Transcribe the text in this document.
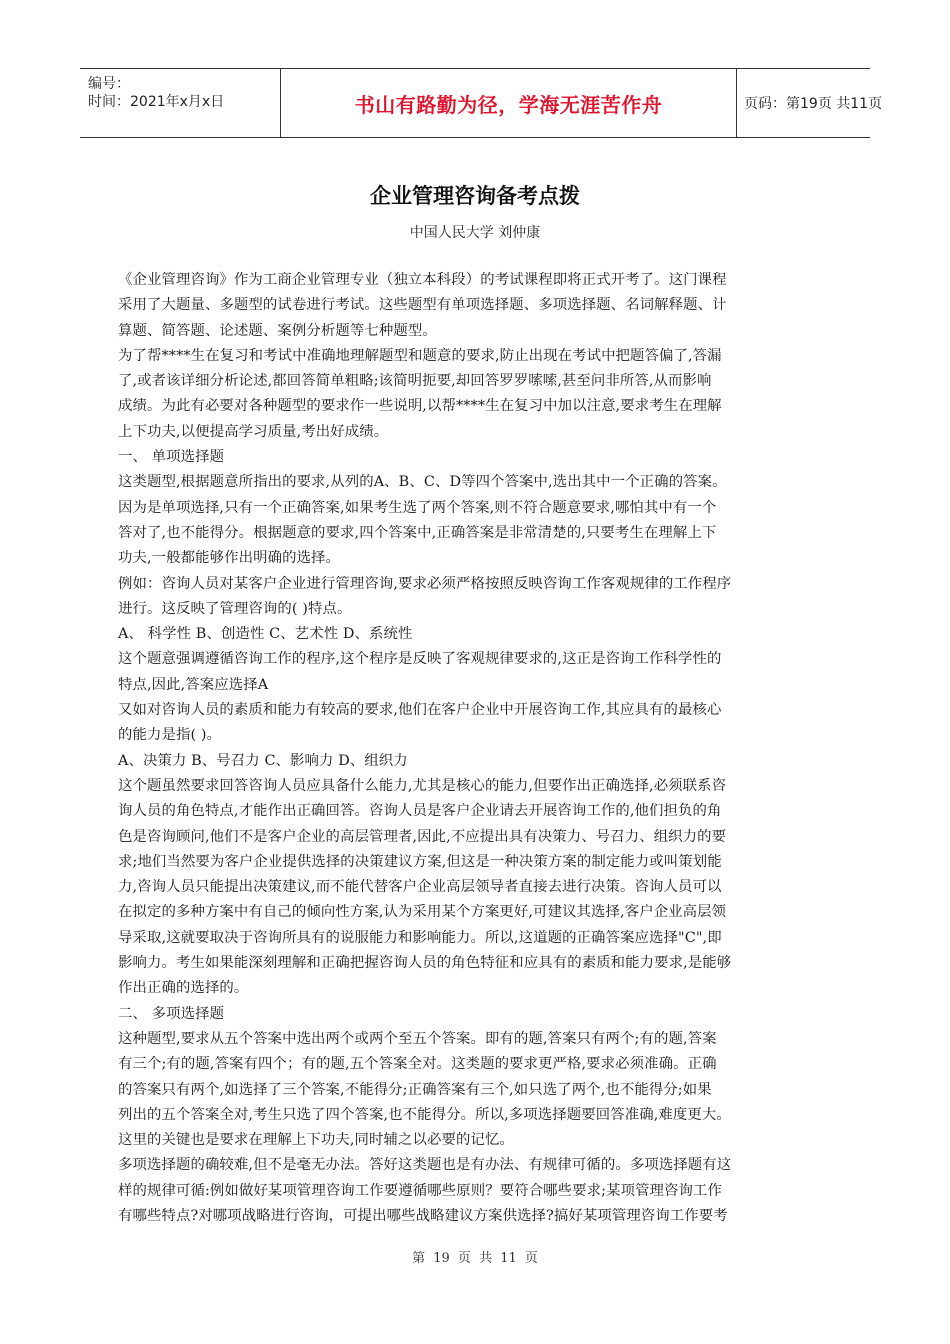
编号：
时间：2021年x月x日	书山有路勤为径，学海无涯苦作舟	页码：第19页 共11页
企业管理咨询备考点拨
中国人民大学 刘仲康
《企业管理咨询》作为工商企业管理专业（独立本科段）的考试课程即将正式开考了。这门课程
采用了大题量、多题型的试卷进行考试。这些题型有单项选择题、多项选择题、名词解释题、计
算题、简答题、论述题、案例分析题等七种题型。
为了帮****生在复习和考试中准确地理解题型和题意的要求,防止出现在考试中把题答偏了,答漏
了,或者该详细分析论述,都回答简单粗略;该简明扼要,却回答罗罗嗦嗦,甚至问非所答,从而影响
成绩。为此有必要对各种题型的要求作一些说明,以帮****生在复习中加以注意,要求考生在理解
上下功夫,以便提高学习质量,考出好成绩。
一、 单项选择题
这类题型,根据题意所指出的要求,从列的A、B、C、D等四个答案中,选出其中一个正确的答案。
因为是单项选择,只有一个正确答案,如果考生选了两个答案,则不符合题意要求,哪怕其中有一个
答对了,也不能得分。根据题意的要求,四个答案中,正确答案是非常清楚的,只要考生在理解上下
功夫,一般都能够作出明确的选择。
例如：咨询人员对某客户企业进行管理咨询,要求必须严格按照反映咨询工作客观规律的工作程序
进行。这反映了管理咨询的( )特点。
A、 科学性 B、创造性 C、艺术性 D、系统性
这个题意强调遵循咨询工作的程序,这个程序是反映了客观规律要求的,这正是咨询工作科学性的
特点,因此,答案应选择A
又如对咨询人员的素质和能力有较高的要求,他们在客户企业中开展咨询工作,其应具有的最核心
的能力是指( )。
A、决策力 B、号召力 C、影响力 D、组织力
这个题虽然要求回答咨询人员应具备什么能力,尤其是核心的能力,但要作出正确选择,必须联系咨
询人员的角色特点,才能作出正确回答。咨询人员是客户企业请去开展咨询工作的,他们担负的角
色是咨询顾问,他们不是客户企业的高层管理者,因此,不应提出具有决策力、号召力、组织力的要
求;地们当然要为客户企业提供选择的决策建议方案,但这是一种决策方案的制定能力或叫策划能
力,咨询人员只能提出决策建议,而不能代替客户企业高层领导者直接去进行决策。咨询人员可以
在拟定的多种方案中有自己的倾向性方案,认为采用某个方案更好,可建议其选择,客户企业高层领
导采取,这就要取决于咨询所具有的说服能力和影响能力。所以,这道题的正确答案应选择"C",即
影响力。考生如果能深刻理解和正确把握咨询人员的角色特征和应具有的素质和能力要求,是能够
作出正确的选择的。
二、 多项选择题
这种题型,要求从五个答案中选出两个或两个至五个答案。即有的题,答案只有两个;有的题,答案
有三个;有的题,答案有四个；有的题,五个答案全对。这类题的要求更严格,要求必须准确。正确
的答案只有两个,如选择了三个答案,不能得分;正确答案有三个,如只选了两个,也不能得分;如果
列出的五个答案全对,考生只选了四个答案,也不能得分。所以,多项选择题要回答准确,难度更大。
这里的关键也是要求在理解上下功夫,同时辅之以必要的记忆。
多项选择题的确较难,但不是毫无办法。答好这类题也是有办法、有规律可循的。多项选择题有这
样的规律可循:例如做好某项管理咨询工作要遵循哪些原则？要符合哪些要求;某项管理咨询工作
有哪些特点?对哪项战略进行咨询，可提出哪些战略建议方案供选择?搞好某项管理咨询工作要考
第 19 页 共 11 页
